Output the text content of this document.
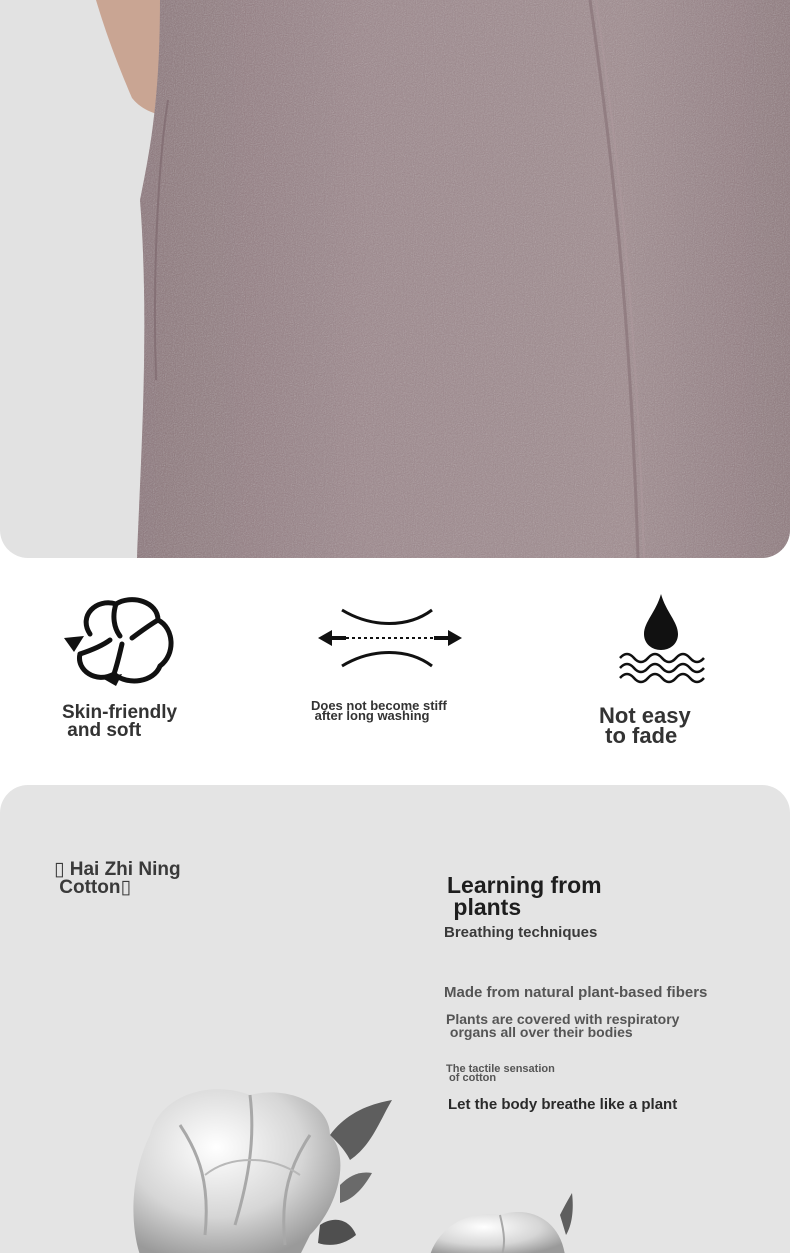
Skin-friendly
and soft
Does not become stiff
after long washing	Not easy
to fade
▯ Hai Zhi Ning
Cotton▯	Learning from
plants
Breathing techniques
Made from natural plant-based fibers
Plants are covered with respiratory
organs all over their bodies
The tactile sensation
of cotton
Let the body breathe like a plant
